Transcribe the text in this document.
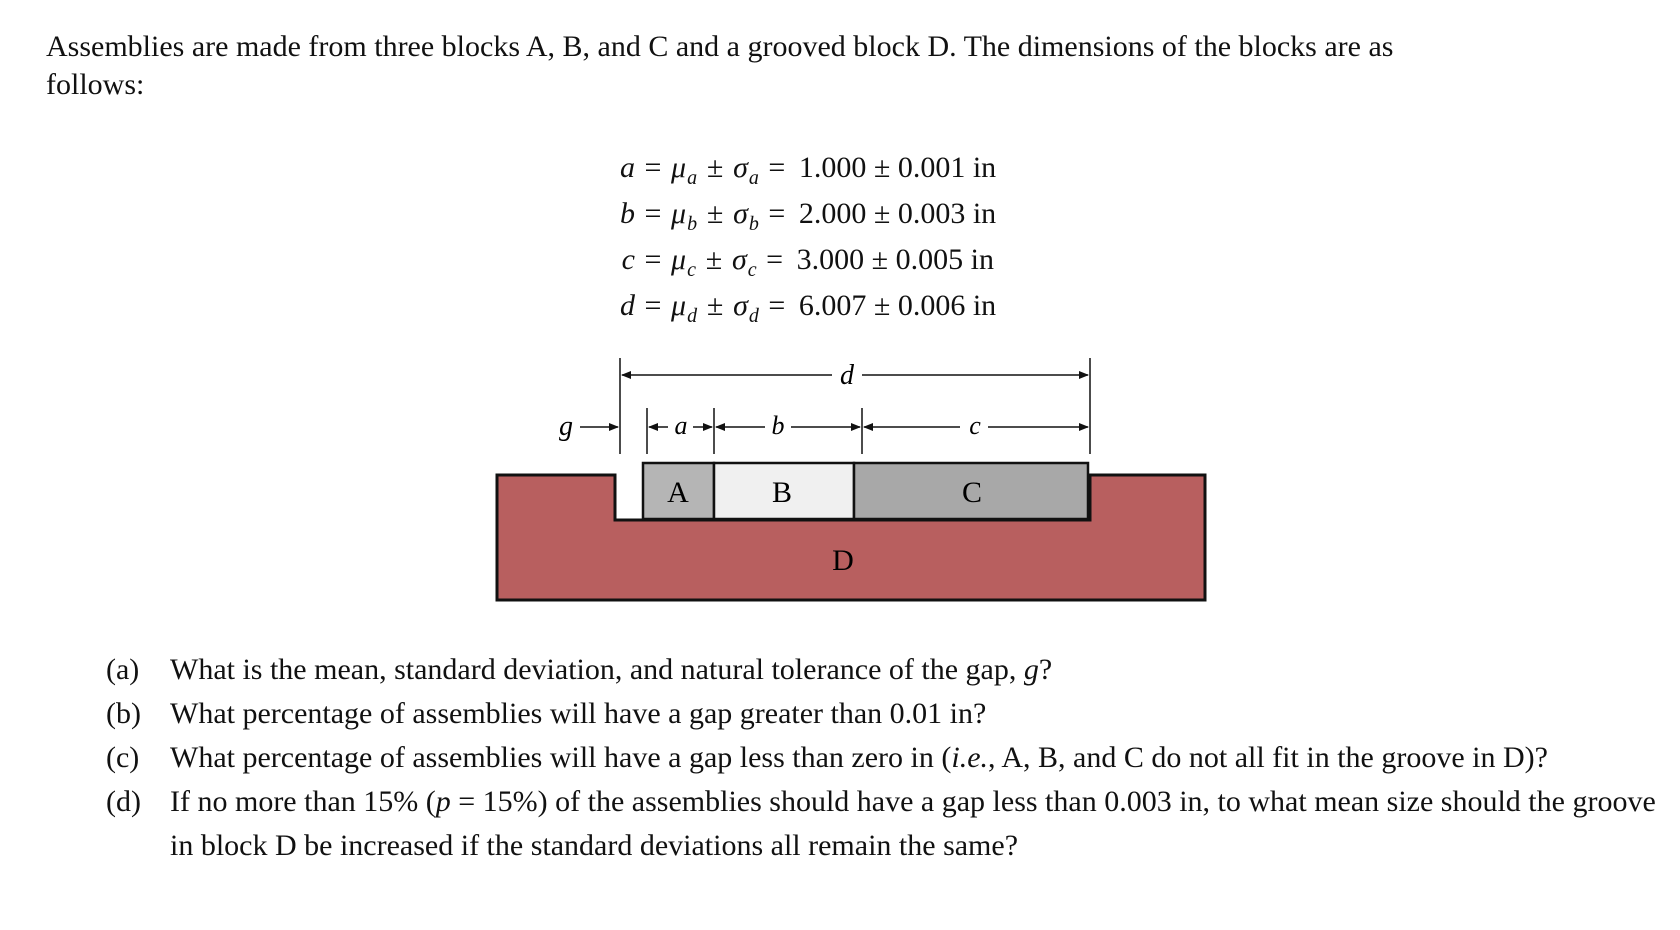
Assemblies are made from three blocks A, B, and C and a grooved block D. The dimensions of the blocks are as
follows:
a = μ a ± σ a = 1.000 ± 0.001 in
b = μ b ± σ b = 2.000 ± 0.003 in
c = μ c ± σ c = 3.000 ± 0.005 in
d = μ d ± σ d = 6.007 ± 0.006 in
A	B	C
D
d
g	a	b	c
(a)	What is the mean, standard deviation, and natural tolerance of the gap, g?
(b) What percentage of assemblies will have a gap greater than 0.01 in?
(c)	What percentage of assemblies will have a gap less than zero in (i.e., A, B, and C do not all fit in the groove in D)?
(d) If no more than 15% (p = 15%) of the assemblies should have a gap less than 0.003 in, to what mean size should the groove in block D be increased if the standard deviations all remain the same?
